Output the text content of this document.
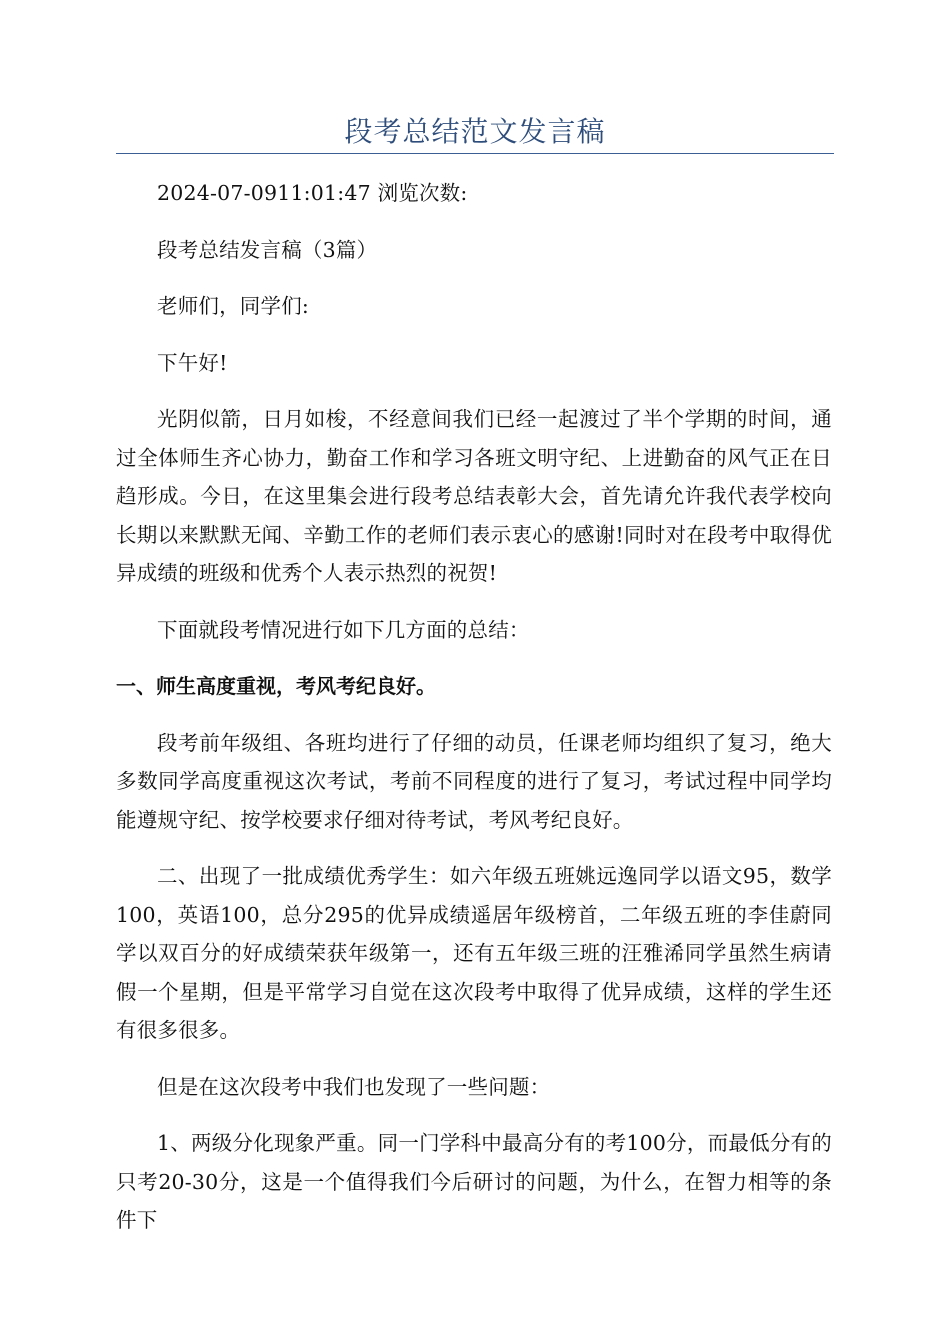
段考总结范文发言稿

2024-07-0911:01:47 浏览次数:

段考总结发言稿（3篇）

老师们，同学们:

下午好!

光阴似箭，日月如梭，不经意间我们已经一起渡过了半个学期的时间，通过全体师生齐心协力，勤奋工作和学习各班文明守纪、上进勤奋的风气正在日趋形成。今日，在这里集会进行段考总结表彰大会，首先请允许我代表学校向长期以来默默无闻、辛勤工作的老师们表示衷心的感谢!同时对在段考中取得优异成绩的班级和优秀个人表示热烈的祝贺!

下面就段考情况进行如下几方面的总结：

一、师生高度重视，考风考纪良好。

段考前年级组、各班均进行了仔细的动员，任课老师均组织了复习，绝大多数同学高度重视这次考试，考前不同程度的进行了复习，考试过程中同学均能遵规守纪、按学校要求仔细对待考试，考风考纪良好。

二、出现了一批成绩优秀学生：如六年级五班姚远逸同学以语文95，数学100，英语100，总分295的优异成绩遥居年级榜首，二年级五班的李佳蔚同学以双百分的好成绩荣获年级第一，还有五年级三班的汪雅浠同学虽然生病请假一个星期，但是平常学习自觉在这次段考中取得了优异成绩，这样的学生还有很多很多。

但是在这次段考中我们也发现了一些问题：

1、两级分化现象严重。同一门学科中最高分有的考100分，而最低分有的只考20-30分，这是一个值得我们今后研讨的问题，为什么，在智力相等的条件下
